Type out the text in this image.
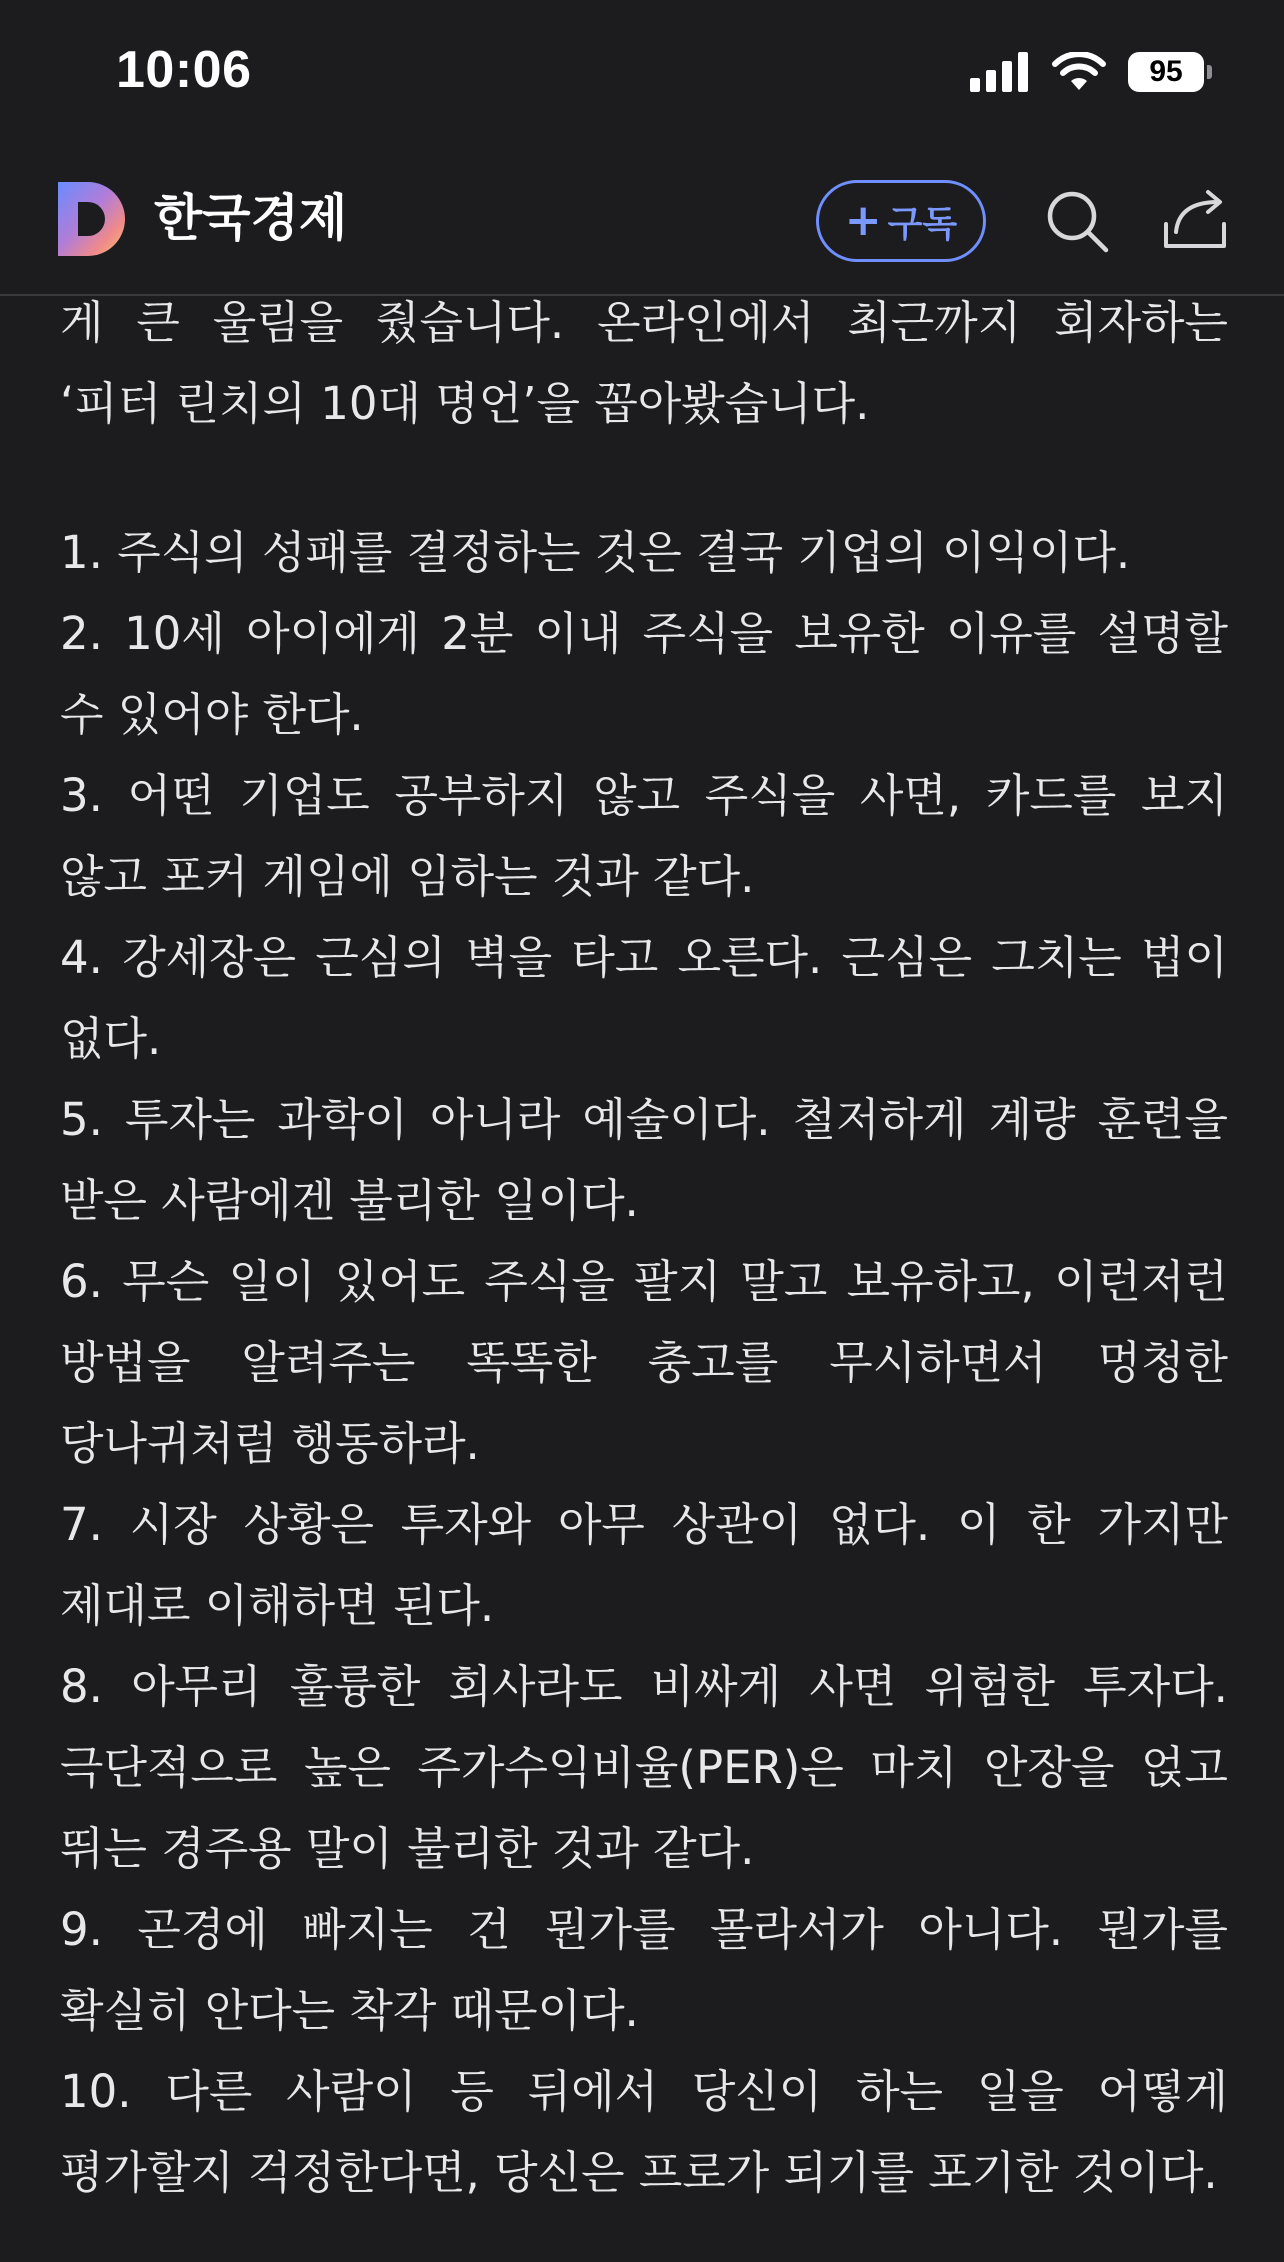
10:06	95
한국경제	+ 구독

게 큰 울림을 줬습니다. 온라인에서 최근까지 회자하는 ‘피터 린치의 10대 명언’을 꼽아봤습니다.

1. 주식의 성패를 결정하는 것은 결국 기업의 이익이다.

2. 10세 아이에게 2분 이내 주식을 보유한 이유를 설명할 수 있어야 한다.

3. 어떤 기업도 공부하지 않고 주식을 사면, 카드를 보지 않고 포커 게임에 임하는 것과 같다.

4. 강세장은 근심의 벽을 타고 오른다. 근심은 그치는 법이 없다.

5. 투자는 과학이 아니라 예술이다. 철저하게 계량 훈련을 받은 사람에겐 불리한 일이다.

6. 무슨 일이 있어도 주식을 팔지 말고 보유하고, 이런저런 방법을 알려주는 똑똑한 충고를 무시하면서 멍청한 당나귀처럼 행동하라.

7. 시장 상황은 투자와 아무 상관이 없다. 이 한 가지만 제대로 이해하면 된다.

8. 아무리 훌륭한 회사라도 비싸게 사면 위험한 투자다. 극단적으로 높은 주가수익비율(PER)은 마치 안장을 얹고 뛰는 경주용 말이 불리한 것과 같다.

9. 곤경에 빠지는 건 뭔가를 몰라서가 아니다. 뭔가를 확실히 안다는 착각 때문이다.

10. 다른 사람이 등 뒤에서 당신이 하는 일을 어떻게 평가할지 걱정한다면, 당신은 프로가 되기를 포기한 것이다.
